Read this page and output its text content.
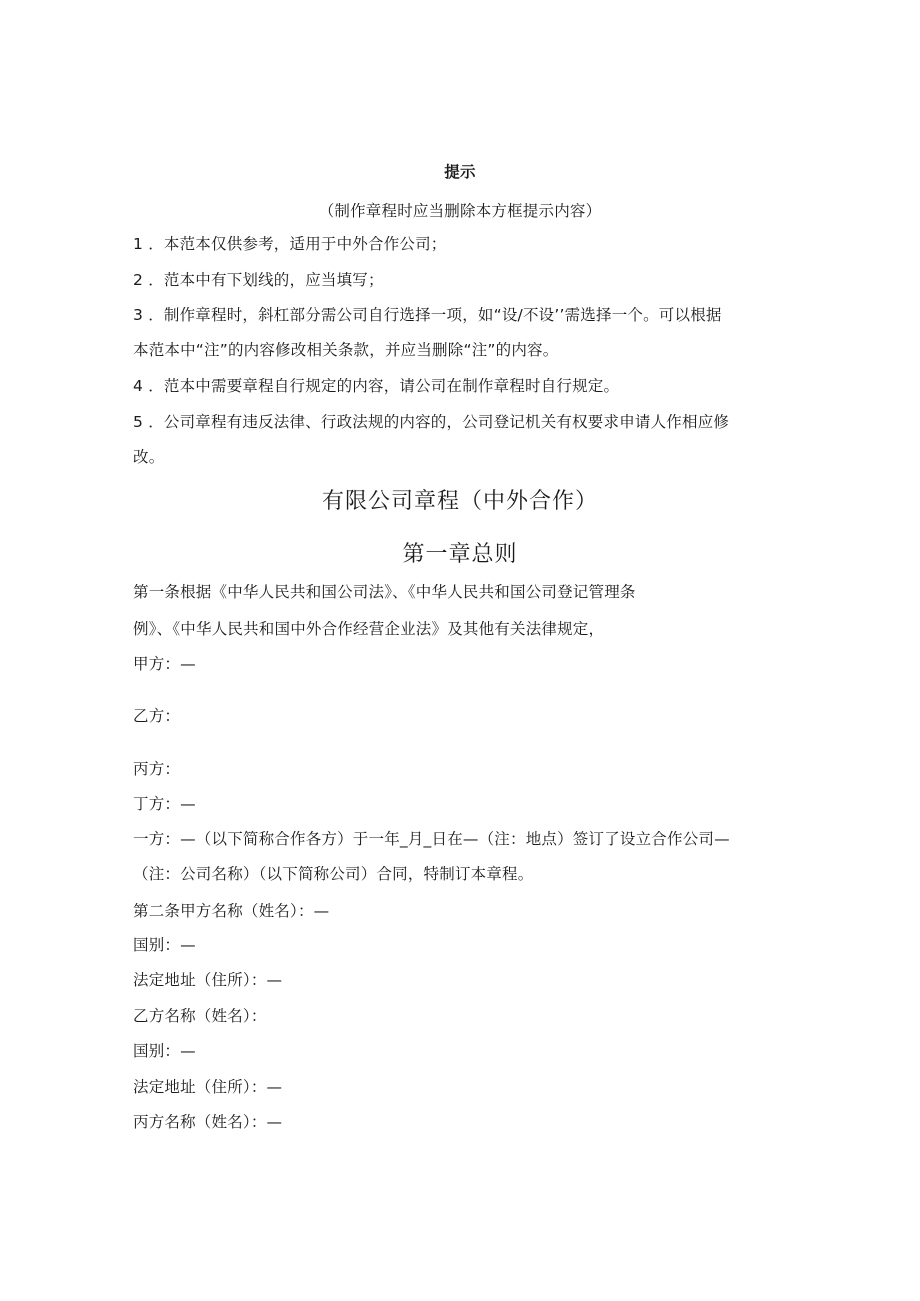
提示
（制作章程时应当删除本方框提示内容）
1 ．本范本仅供参考，适用于中外合作公司；
2 ．范本中有下划线的，应当填写；
3 ．制作章程时，斜杠部分需公司自行选择一项，如“设/不设’’需选择一个。可以根据
本范本中“注”的内容修改相关条款，并应当删除“注”的内容。
4 ．范本中需要章程自行规定的内容，请公司在制作章程时自行规定。
5 ．公司章程有违反法律、行政法规的内容的，公司登记机关有权要求申请人作相应修
改。
有限公司章程（中外合作）
第一章总则
第一条根据《中华人民共和国公司法》、《中华人民共和国公司登记管理条
例》、《中华人民共和国中外合作经营企业法》及其他有关法律规定，
甲方：—
乙方：
丙方：
丁方：—
一方：—（以下简称合作各方）于一年_月_日在—（注：地点）签订了设立合作公司—
（注：公司名称）（以下简称公司）合同，特制订本章程。
第二条甲方名称（姓名）：—
国别：—
法定地址（住所）：—
乙方名称（姓名）：
国别：—
法定地址（住所）：—
丙方名称（姓名）：—
